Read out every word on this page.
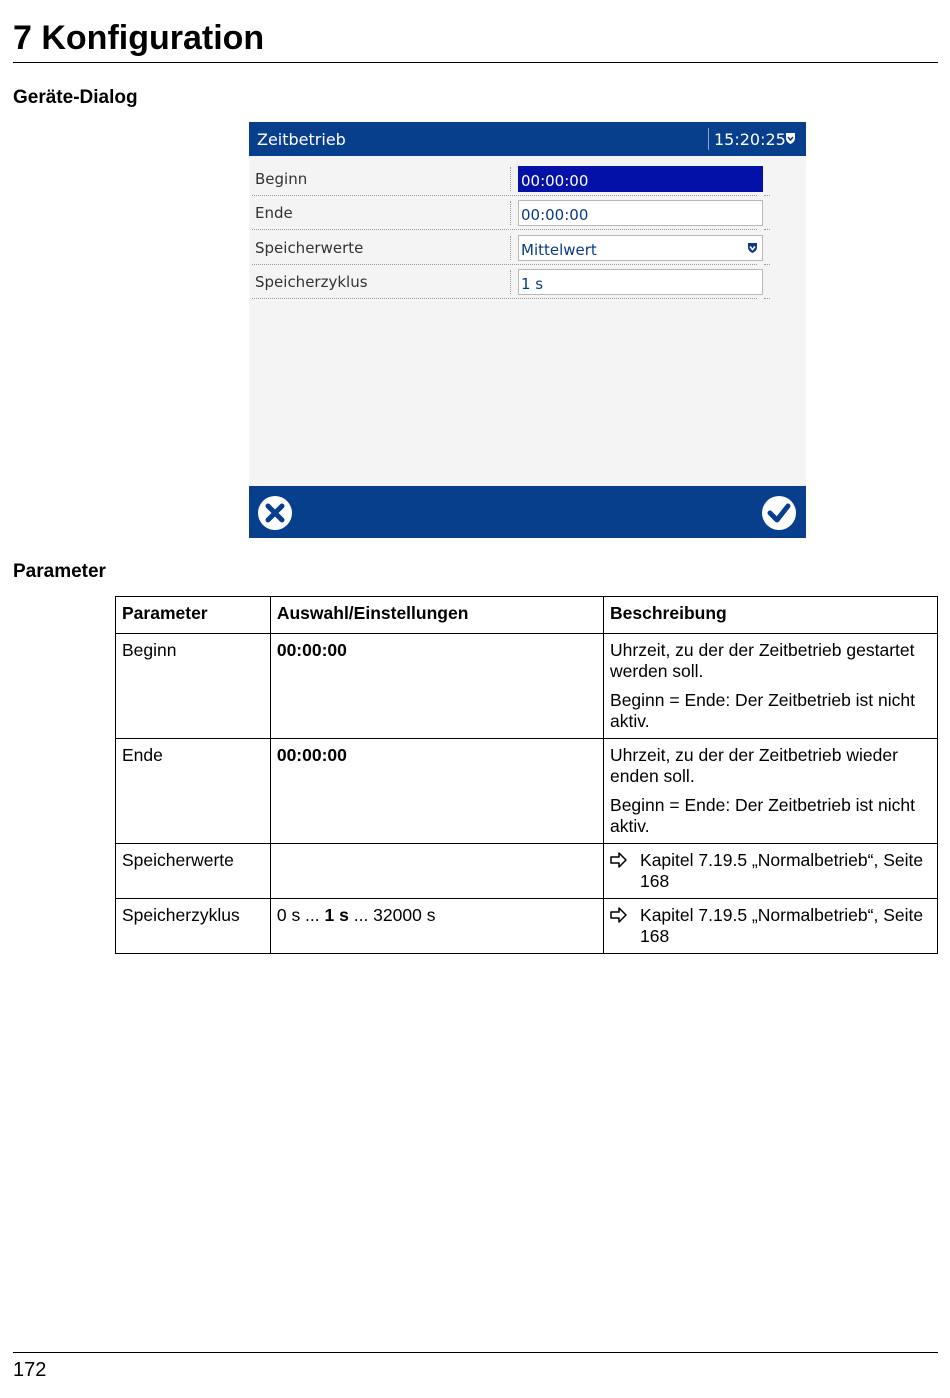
7 Konfiguration
Geräte-Dialog
Zeitbetrieb	15:20:25
Beginn	00:00:00
Ende	00:00:00
Speicherwerte	Mittelwert
Speicherzyklus	1 s
Parameter
Parameter	Auswahl/Einstellungen	Beschreibung
Beginn	00:00:00	Uhrzeit, zu der der Zeitbetrieb gestartet werden soll.

Beginn = Ende: Der Zeitbetrieb ist nicht aktiv.

Ende	00:00:00	Uhrzeit, zu der der Zeitbetrieb wieder enden soll.

Beginn = Ende: Der Zeitbetrieb ist nicht aktiv.

Speicherwerte		Kapitel 7.19.5 „Normalbetrieb“, Seite 168

Speicherzyklus	0 s ... 1 s ... 32000 s	Kapitel 7.19.5 „Normalbetrieb“, Seite 168
172
